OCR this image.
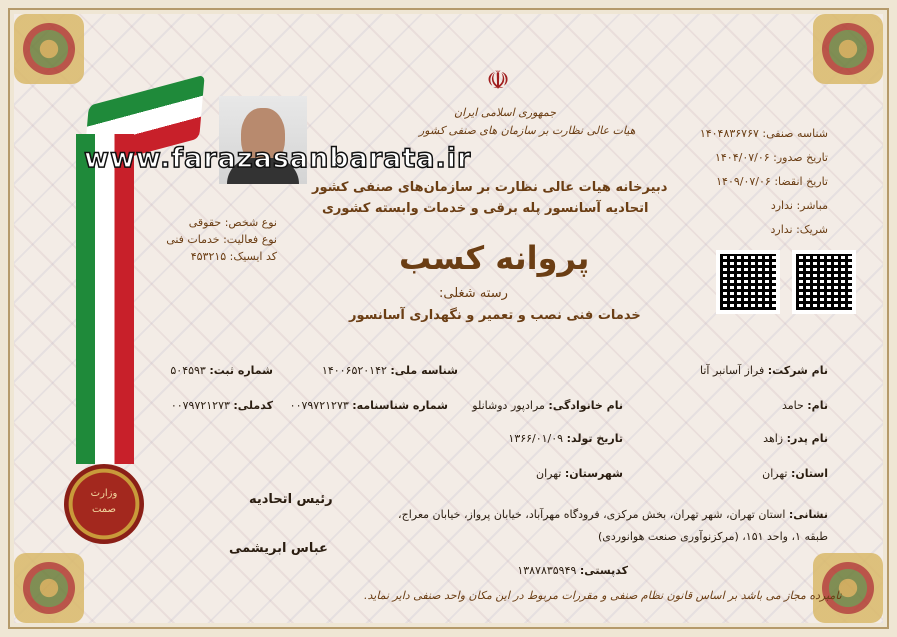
وزارت
صمت
☫
جمهوری اسلامی ایران
هیات عالی نظارت بر سازمان های صنفی کشور
دبیرخانه هیات عالی نظارت بر سازمان‌های صنفی کشور
اتحادیه آسانسور پله برقی و خدمات وابسته کشوری
نوع شخص: حقوقی
نوع فعالیت: خدمات فنی
کد ایسیک: ۴۵۳۲۱۵
www.farazasanbarata.ir
شناسه صنفی: ۱۴۰۴۸۳۶۷۶۷
تاریخ صدور: ۱۴۰۴/۰۷/۰۶
تاریخ انقضا: ۱۴۰۹/۰۷/۰۶
مباشر: ندارد
شریک: ندارد
پروانه کسب
رسته شغلی:
خدمات فنی نصب و تعمیر و نگهداری آسانسور
نام شرکت: فراز آسانبر آتا
شناسه ملی: ۱۴۰۰۶۵۲۰۱۴۲
شماره ثبت: ۵۰۴۵۹۳
نام: حامد
نام خانوادگی: مرادپور دوشانلو
شماره شناسنامه: ۰۰۷۹۷۲۱۲۷۳
کدملی: ۰۰۷۹۷۲۱۲۷۳
نام پدر: زاهد
تاریخ تولد: ۱۳۶۶/۰۱/۰۹
استان: تهران
شهرستان: تهران
نشانی: استان تهران، شهر تهران، بخش مرکزی، فرودگاه مهرآباد، خیابان پرواز، خیابان معراج، طبقه ۱، واحد ۱۵۱، (مرکزنوآوری صنعت هوانوردی)
کدپستی: ۱۳۸۷۸۳۵۹۴۹
رئیس اتحادیه
عباس ابریشمی
نامبرده مجاز می باشد بر اساس قانون نظام صنفی و مقررات مربوط در این مکان واحد صنفی دایر نماید.
